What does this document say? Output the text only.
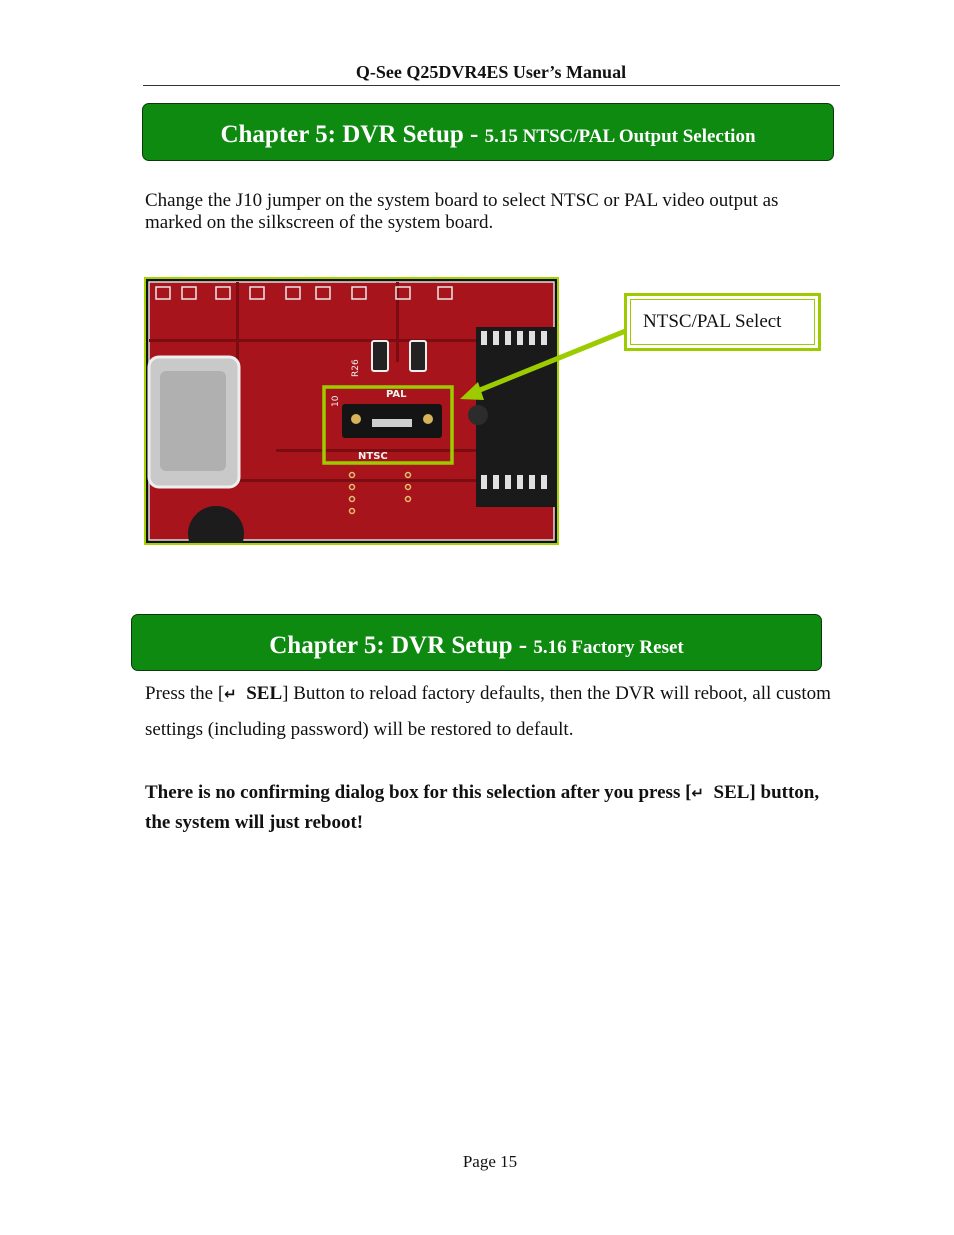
Q-See Q25DVR4ES User’s Manual
Chapter 5: DVR Setup - 5.15 NTSC/PAL Output Selection
Change the J10 jumper on the system board to select NTSC or PAL video output as marked on the silkscreen of the system board.
R26
PAL
NTSC
10
NTSC/PAL Select
Chapter 5: DVR Setup - 5.16 Factory Reset
Press the [↵ SEL] Button to reload factory defaults, then the DVR will reboot, all custom settings (including password) will be restored to default.
There is no confirming dialog box for this selection after you press [↵ SEL] button, the system will just reboot!
Page 15
